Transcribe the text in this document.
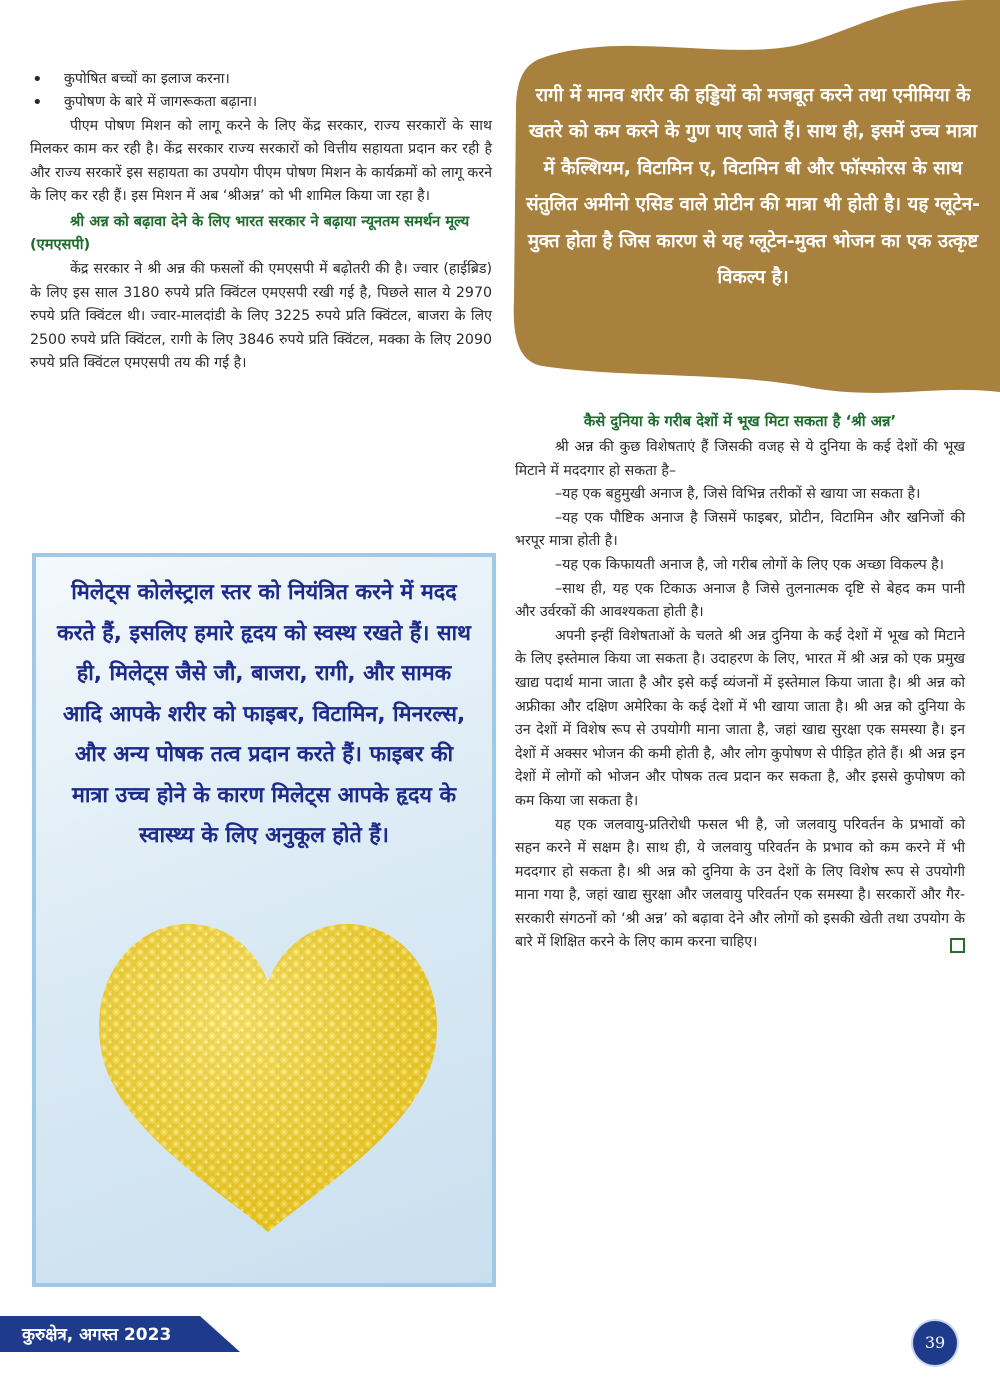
• कुपोषित बच्चों का इलाज करना।
• कुपोषण के बारे में जागरूकता बढ़ाना।

पीएम पोषण मिशन को लागू करने के लिए केंद्र सरकार, राज्य सरकारों के साथ मिलकर काम कर रही है। केंद्र सरकार राज्य सरकारों को वित्तीय सहायता प्रदान कर रही है और राज्य सरकारें इस सहायता का उपयोग पीएम पोषण मिशन के कार्यक्रमों को लागू करने के लिए कर रही हैं। इस मिशन में अब ‘श्रीअन्न’ को भी शामिल किया जा रहा है।

श्री अन्न को बढ़ावा देने के लिए भारत सरकार ने बढ़ाया न्यूनतम समर्थन मूल्य (एमएसपी)

केंद्र सरकार ने श्री अन्न की फसलों की एमएसपी में बढ़ोतरी की है। ज्वार (हाईब्रिड) के लिए इस साल 3180 रुपये प्रति क्विंटल एमएसपी रखी गई है, पिछले साल ये 2970 रुपये प्रति क्विंटल थी। ज्वार-मालदांडी के लिए 3225 रुपये प्रति क्विंटल, बाजरा के लिए 2500 रुपये प्रति क्विंटल, रागी के लिए 3846 रुपये प्रति क्विंटल, मक्का के लिए 2090 रुपये प्रति क्विंटल एमएसपी तय की गई है।

रागी में मानव शरीर की हड्डियों को मजबूत करने तथा एनीमिया के खतरे को कम करने के गुण पाए जाते हैं। साथ ही, इसमें उच्च मात्रा में कैल्शियम, विटामिन ए, विटामिन बी और फॉस्फोरस के साथ संतुलित अमीनो एसिड वाले प्रोटीन की मात्रा भी होती है। यह ग्लूटेन-मुक्त होता है जिस कारण से यह ग्लूटेन-मुक्त भोजन का एक उत्कृष्ट विकल्प है।
कैसे दुनिया के गरीब देशों में भूख मिटा सकता है ‘श्री अन्न’

श्री अन्न की कुछ विशेषताएं हैं जिसकी वजह से ये दुनिया के कई देशों की भूख मिटाने में मददगार हो सकता है–

–यह एक बहुमुखी अनाज है, जिसे विभिन्न तरीकों से खाया जा सकता है।

–यह एक पौष्टिक अनाज है जिसमें फाइबर, प्रोटीन, विटामिन और खनिजों की भरपूर मात्रा होती है।

–यह एक किफायती अनाज है, जो गरीब लोगों के लिए एक अच्छा विकल्प है।

–साथ ही, यह एक टिकाऊ अनाज है जिसे तुलनात्मक दृष्टि से बेहद कम पानी और उर्वरकों की आवश्यकता होती है।

अपनी इन्हीं विशेषताओं के चलते श्री अन्न दुनिया के कई देशों में भूख को मिटाने के लिए इस्तेमाल किया जा सकता है। उदाहरण के लिए, भारत में श्री अन्न को एक प्रमुख खाद्य पदार्थ माना जाता है और इसे कई व्यंजनों में इस्तेमाल किया जाता है। श्री अन्न को अफ्रीका और दक्षिण अमेरिका के कई देशों में भी खाया जाता है। श्री अन्न को दुनिया के उन देशों में विशेष रूप से उपयोगी माना जाता है, जहां खाद्य सुरक्षा एक समस्या है। इन देशों में अक्सर भोजन की कमी होती है, और लोग कुपोषण से पीड़ित होते हैं। श्री अन्न इन देशों में लोगों को भोजन और पोषक तत्व प्रदान कर सकता है, और इससे कुपोषण को कम किया जा सकता है।

यह एक जलवायु-प्रतिरोधी फसल भी है, जो जलवायु परिवर्तन के प्रभावों को सहन करने में सक्षम है। साथ ही, ये जलवायु परिवर्तन के प्रभाव को कम करने में भी मददगार हो सकता है। श्री अन्न को दुनिया के उन देशों के लिए विशेष रूप से उपयोगी माना गया है, जहां खाद्य सुरक्षा और जलवायु परिवर्तन एक समस्या है। सरकारों और गैर-सरकारी संगठनों को ‘श्री अन्न’ को बढ़ावा देने और लोगों को इसकी खेती तथा उपयोग के बारे में शिक्षित करने के लिए काम करना चाहिए।

मिलेट्स कोलेस्ट्राल स्तर को नियंत्रित करने में मदद करते हैं, इसलिए हमारे हृदय को स्वस्थ रखते हैं। साथ ही, मिलेट्स जैसे जौ, बाजरा, रागी, और सामक आदि आपके शरीर को फाइबर, विटामिन, मिनरल्स, और अन्य पोषक तत्व प्रदान करते हैं। फाइबर की मात्रा उच्च होने के कारण मिलेट्स आपके हृदय के स्वास्थ्य के लिए अनुकूल होते हैं।
कुरुक्षेत्र, अगस्त 2023	39
